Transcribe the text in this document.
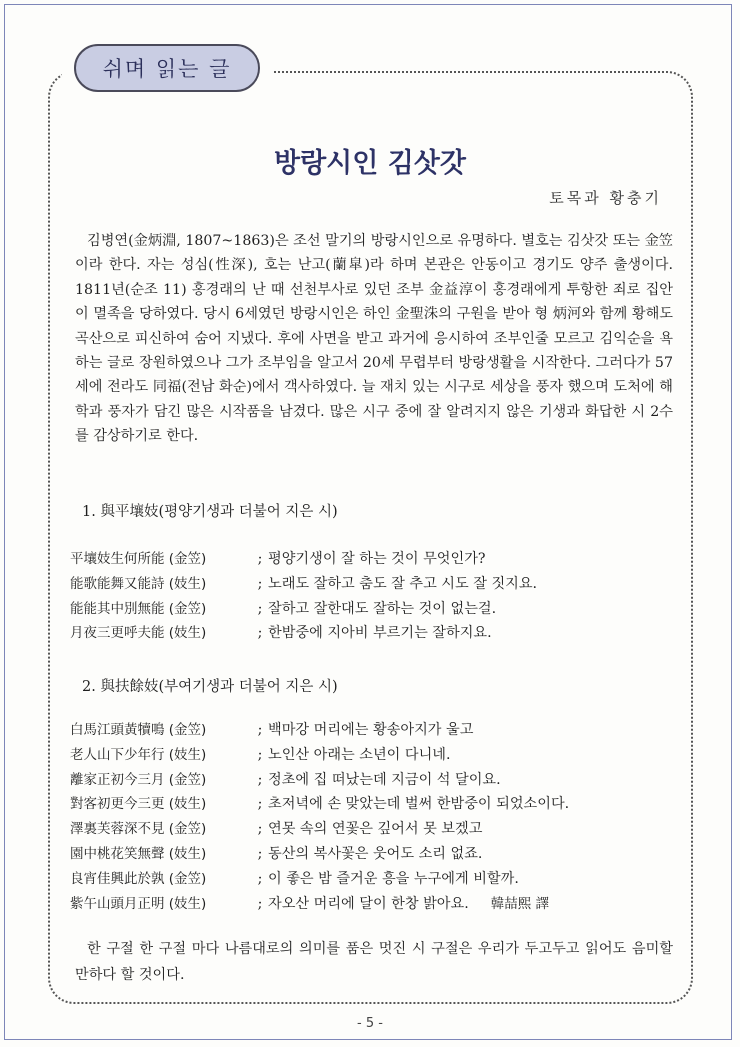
쉬며 읽는 글
방랑시인 김삿갓
토목과 황충기

김병연(金炳淵, 1807~1863)은 조선 말기의 방랑시인으로 유명하다. 별호는 김삿갓 또는 金笠이라 한다. 자는 성심(性深), 호는 난고(蘭皐)라 하며 본관은 안동이고 경기도 양주 출생이다. 1811년(순조 11) 홍경래의 난 때 선천부사로 있던 조부 金益淳이 홍경래에게 투항한 죄로 집안이 멸족을 당하였다. 당시 6세였던 방랑시인은 하인 金聖洙의 구원을 받아 형 炳河와 함께 황해도 곡산으로 피신하여 숨어 지냈다. 후에 사면을 받고 과거에 응시하여 조부인줄 모르고 김익순을 욕하는 글로 장원하였으나 그가 조부임을 알고서 20세 무렵부터 방랑생활을 시작한다. 그러다가 57세에 전라도 同福(전남 화순)에서 객사하였다. 늘 재치 있는 시구로 세상을 풍자 했으며 도처에 해학과 풍자가 담긴 많은 시작품을 남겼다. 많은 시구 중에 잘 알려지지 않은 기생과 화답한 시 2수를 감상하기로 한다.

1. 與平壤妓(평양기생과 더불어 지은 시)

平壤妓生何所能 (金笠)	; 평양기생이 잘 하는 것이 무엇인가?
能歌能舞又能詩 (妓生)	; 노래도 잘하고 춤도 잘 추고 시도 잘 짓지요.
能能其中別無能 (金笠)	; 잘하고 잘한대도 잘하는 것이 없는걸.
月夜三更呼夫能 (妓生)	; 한밤중에 지아비 부르기는 잘하지요.

2. 與扶餘妓(부여기생과 더불어 지은 시)

白馬江頭黃犢鳴 (金笠)	; 백마강 머리에는 황송아지가 울고
老人山下少年行 (妓生)	; 노인산 아래는 소년이 다니네.
離家正初今三月 (金笠)	; 정초에 집 떠났는데 지금이 석 달이요.
對客初更今三更 (妓生)	; 초저녁에 손 맞았는데 벌써 한밤중이 되었소이다.
澤裏芙蓉深不見 (金笠)	; 연못 속의 연꽃은 깊어서 못 보겠고
園中桃花笑無聲 (妓生)	; 동산의 복사꽃은 웃어도 소리 없죠.
良宵佳興此於孰 (金笠)	; 이 좋은 밤 즐거운 흥을 누구에게 비할까.
紫午山頭月正明 (妓生)	; 자오산 머리에 달이 한창 밝아요. 韓喆熙 譯

한 구절 한 구절 마다 나름대로의 의미를 품은 멋진 시 구절은 우리가 두고두고 읽어도 음미할 만하다 할 것이다.

- 5 -
